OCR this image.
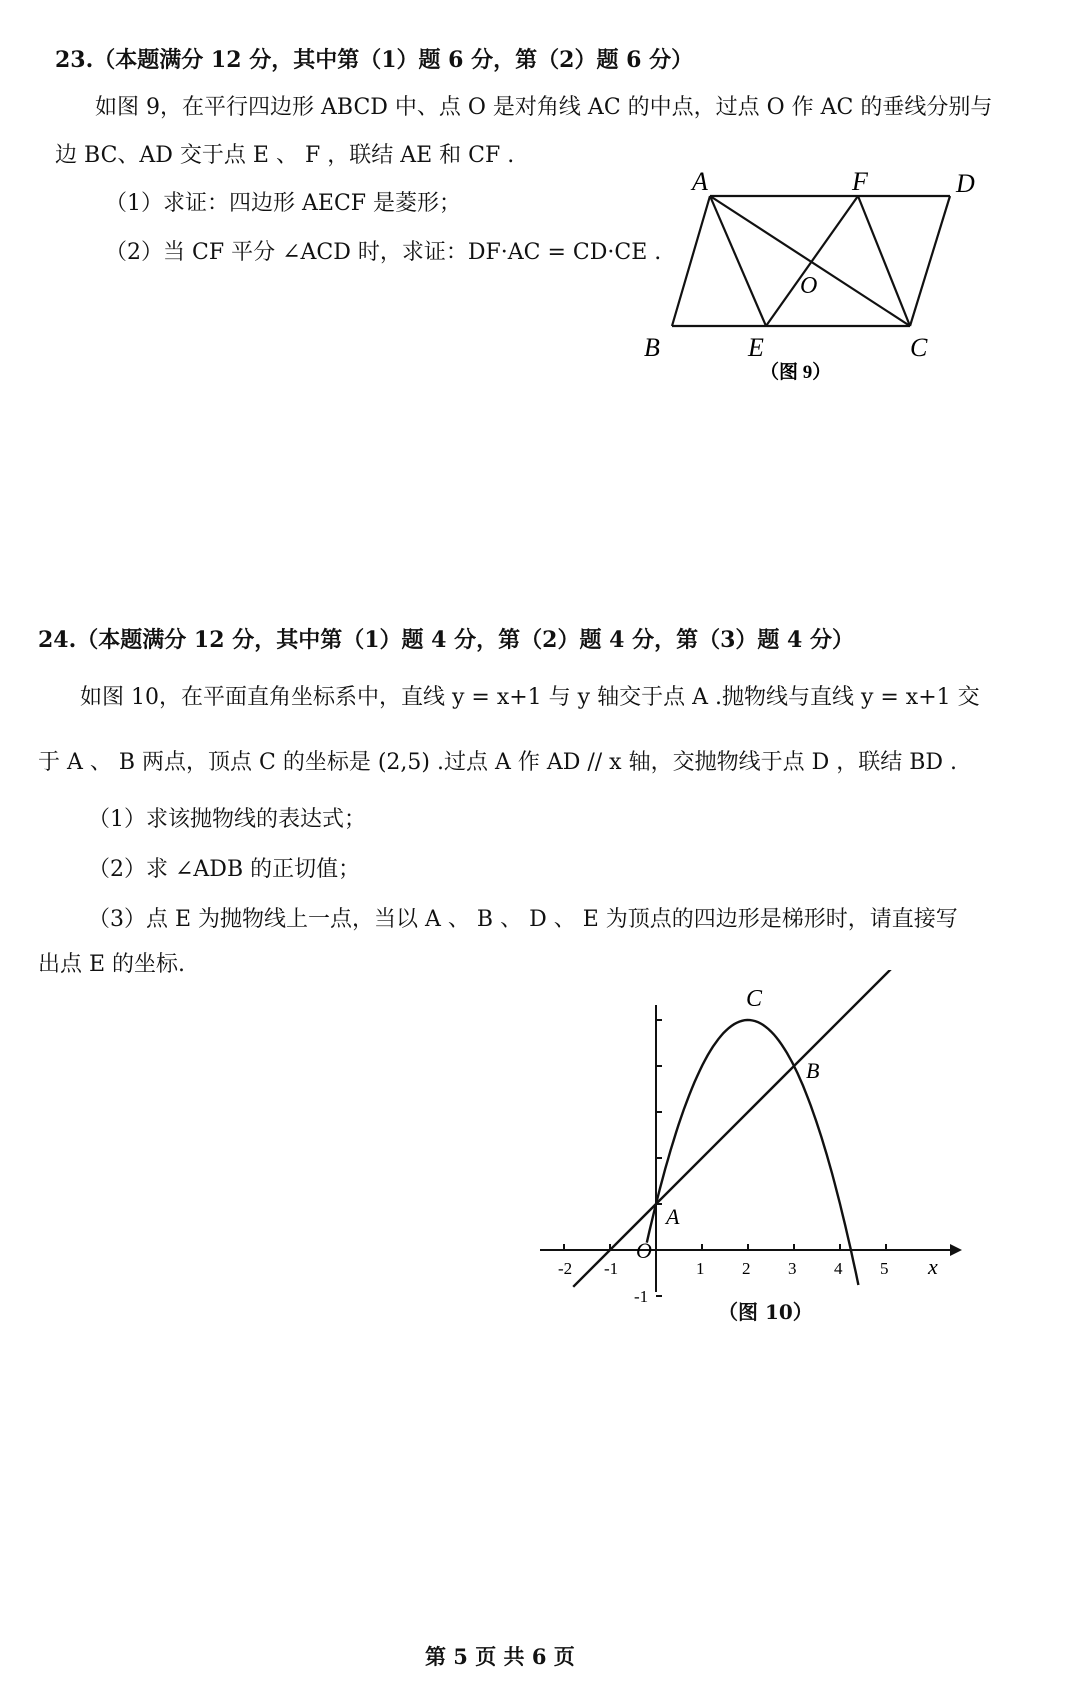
23.（本题满分 12 分，其中第（1）题 6 分，第（2）题 6 分）
如图 9，在平行四边形 ABCD 中、点 O 是对角线 AC 的中点，过点 O 作 AC 的垂线分别与
边 BC、AD 交于点 E 、 F ，联结 AE 和 CF .
（1）求证：四边形 AECF 是菱形；
（2）当 CF 平分 ∠ACD 时，求证：DF·AC = CD·CE .
A	F	D
B	E	C
O
（图 9）
24.（本题满分 12 分，其中第（1）题 4 分，第（2）题 4 分，第（3）题 4 分）
如图 10，在平面直角坐标系中，直线 y = x+1 与 y 轴交于点 A .抛物线与直线 y = x+1 交
于 A 、 B 两点，顶点 C 的坐标是 (2,5) .过点 A 作 AD // x 轴，交抛物线于点 D ，联结 BD .
（1）求该抛物线的表达式；
（2）求 ∠ADB 的正切值；
（3）点 E 为抛物线上一点，当以 A 、 B 、 D 、 E 为顶点的四边形是梯形时，请直接写
出点 E 的坐标.
-2 -1	1 2 3 4 5
-1
O
x
C
B
A
（图 10）
第 5 页 共 6 页
